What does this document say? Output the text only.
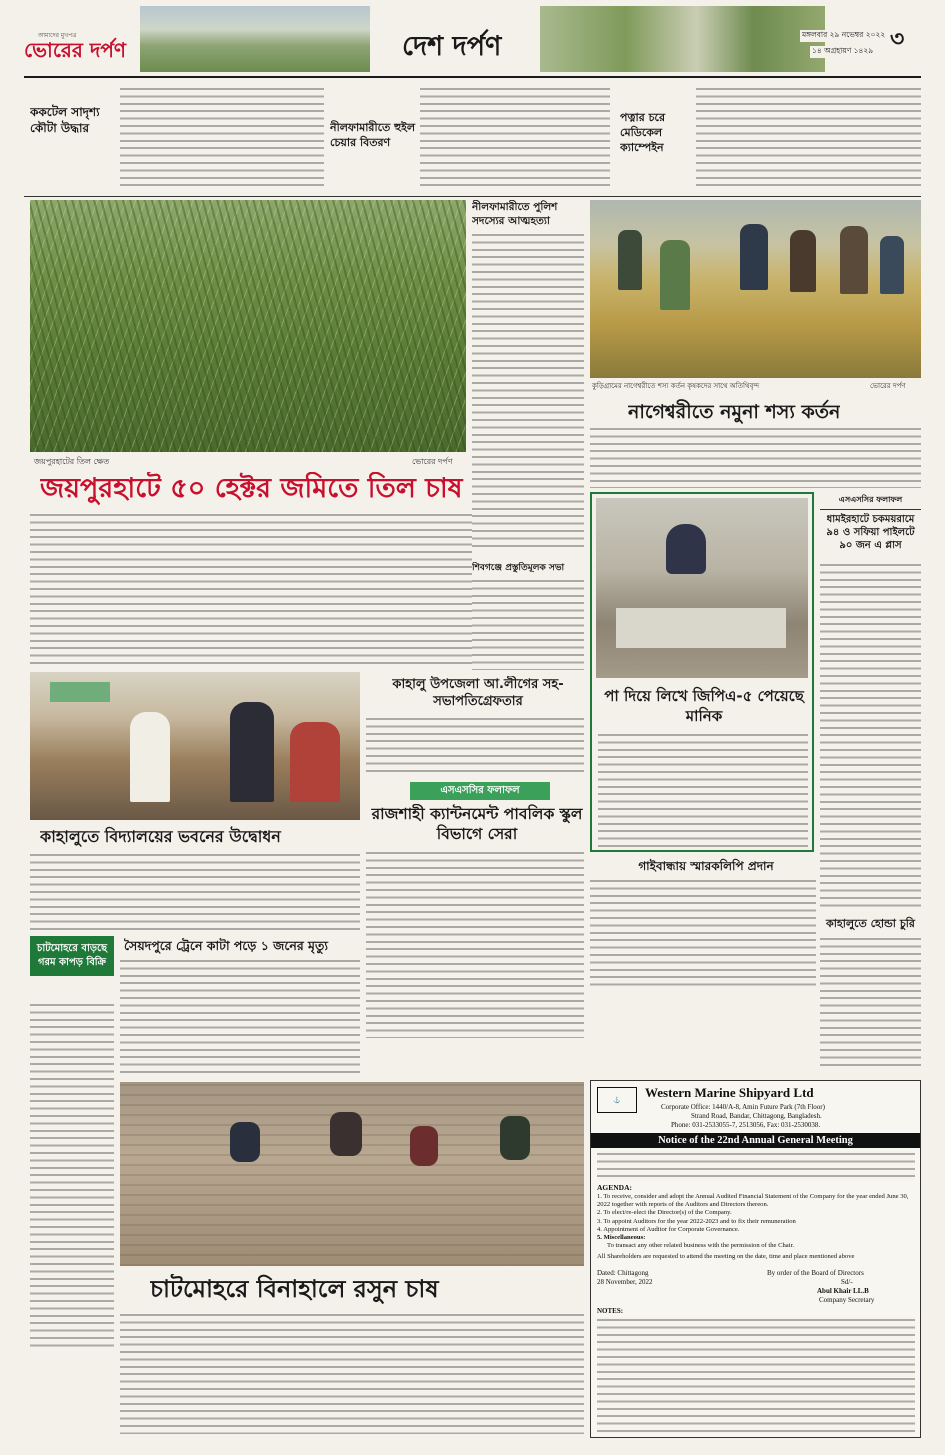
আমাদের মুখপত্র
ভোরের দর্পণ	দেশ দর্পণ	মঙ্গলবার ২৯ নভেম্বর ২০২২
১৪ অগ্রহায়ণ ১৪২৯ ৩
ককটেল সাদৃশ্য কৌটা উদ্ধার	নীলফামারীতে হুইল চেয়ার বিতরণ
পত্নার চরে মেডিকেল ক্যাম্পেইন
জয়পুরহাটের তিল ক্ষেত	ভোরের দর্পণ
নীলফামারীতে পুলিশ সদস্যের আত্মহত্যা
কুড়িগ্রামের নাগেশ্বরীতে শস্য কর্তন কৃষকদের সাথে অতিথিবৃন্দ	ভোরের দর্পণ
নাগেশ্বরীতে নমুনা শস্য কর্তন
জয়পুরহাটে ৫০ হেক্টর জমিতে তিল চাষ
শিবগঞ্জে প্রস্তুতিমূলক সভা
পা দিয়ে লিখে জিপিএ-৫ পেয়েছে মানিক
এসএসসির ফলাফল
ধামইরহাটে চকময়রামে ৯৪ ও সফিয়া পাইলটে ৯০ জন এ প্লাস
কাহালু উপজেলা আ.লীগের সহ-সভাপতিগ্রেফতার
এসএসসির ফলাফল
রাজশাহী ক্যান্টনমেন্ট পাবলিক স্কুল বিভাগে সেরা
কাহালুতে বিদ্যালয়ের ভবনের উদ্বোধন
চাটমোহরে বাড়ছে গরম কাপড় বিক্রি
সৈয়দপুরে ট্রেনে কাটা পড়ে ১ জনের মৃত্যু
চাটমোহরে বিনাহালে রসুন চাষ
গাইবান্ধায় স্মারকলিপি প্রদান
কাহালুতে হোন্ডা চুরি
⚓
Western Marine Shipyard Ltd
Corporate Office: 1440/A-8, Amin Future Park (7th Floor)
Strand Road, Bandar, Chittagong, Bangladesh.
Phone: 031-2533055-7, 2513056, Fax: 031-2530038.
Notice of the 22nd Annual General Meeting
AGENDA:
1. To receive, consider and adopt the Annual Audited Financial Statement of the Company for the year ended June 30, 2022 together with reports of the Auditors and Directors thereon.
2. To elect/re-elect the Director(s) of the Company.
3. To appoint Auditors for the year 2022-2023 and to fix their remuneration
4. Appointment of Auditor for Corporate Governance.
5. Miscellaneous:
To transact any other related business with the permission of the Chair.
All Shareholders are requested to attend the meeting on the date, time and place mentioned above
Dated: Chittagong
28 November, 2022
By order of the Board of Directors
Sd/-
Abul Khair LL.B
Company Secretary
NOTES:
